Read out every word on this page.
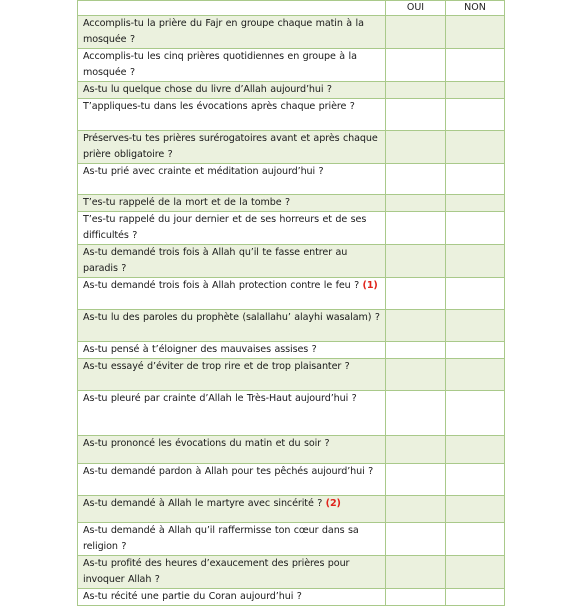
	OUI	NON
Accomplis-tu la prière du Fajr en groupe chaque matin à la mosquée ?		
Accomplis-tu les cinq prières quotidiennes en groupe à la mosquée ?		
As-tu lu quelque chose du livre d’Allah aujourd’hui ?		
T’appliques-tu dans les évocations après chaque prière ?		
Préserves-tu tes prières surérogatoires avant et après chaque prière obligatoire ?		
As-tu prié avec crainte et méditation aujourd’hui ?		
T’es-tu rappelé de la mort et de la tombe ?		
T’es-tu rappelé du jour dernier et de ses horreurs et de ses difficultés ?		
As-tu demandé trois fois à Allah qu’il te fasse entrer au paradis ?		
As-tu demandé trois fois à Allah protection contre le feu ? (1)		
As-tu lu des paroles du prophète (salallahu’ alayhi wasalam) ?		
As-tu pensé à t’éloigner des mauvaises assises ?		
As-tu essayé d’éviter de trop rire et de trop plaisanter ?		
As-tu pleuré par crainte d’Allah le Très-Haut aujourd’hui ?		
As-tu prononcé les évocations du matin et du soir ?		
As-tu demandé pardon à Allah pour tes pêchés aujourd’hui ?		
As-tu demandé à Allah le martyre avec sincérité ? (2)		
As-tu demandé à Allah qu’il raffermisse ton cœur dans sa religion ?		
As-tu profité des heures d’exaucement des prières pour invoquer Allah ?		
As-tu récité une partie du Coran aujourd’hui ?		
